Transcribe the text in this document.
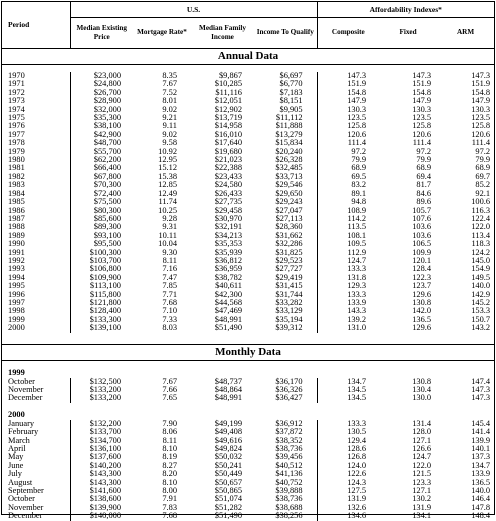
Period	U.S.				Affordability Indexes*		
	Median Existing Price	Mortgage Rate*	Median Family Income	Income To Qualify	Composite	Fixed	ARM
Annual Data							

1970	$23,000	8.35	$9,867	$6,697	147.3	147.3	147.3
1971	$24,800	7.67	$10,285	$6,770	151.9	151.9	151.9
1972	$26,700	7.52	$11,116	$7,183	154.8	154.8	154.8
1973	$28,900	8.01	$12,051	$8,151	147.9	147.9	147.9
1974	$32,000	9.02	$12,902	$9,905	130.3	130.3	130.3
1975	$35,300	9.21	$13,719	$11,112	123.5	123.5	123.5
1976	$38,100	9.11	$14,958	$11,888	125.8	125.8	125.8
1977	$42,900	9.02	$16,010	$13,279	120.6	120.6	120.6
1978	$48,700	9.58	$17,640	$15,834	111.4	111.4	111.4
1979	$55,700	10.92	$19,680	$20,240	97.2	97.2	97.2
1980	$62,200	12.95	$21,023	$26,328	79.9	79.9	79.9
1981	$66,400	15.12	$22,388	$32,485	68.9	68.9	68.9
1982	$67,800	15.38	$23,433	$33,713	69.5	69.4	69.7
1983	$70,300	12.85	$24,580	$29,546	83.2	81.7	85.2
1984	$72,400	12.49	$26,433	$29,650	89.1	84.6	92.1
1985	$75,500	11.74	$27,735	$29,243	94.8	89.6	100.6
1986	$80,300	10.25	$29,458	$27,047	108.9	105.7	116.3
1987	$85,600	9.28	$30,970	$27,113	114.2	107.6	122.4
1988	$89,300	9.31	$32,191	$28,360	113.5	103.6	122.0
1989	$93,100	10.11	$34,213	$31,662	108.1	103.6	113.4
1990	$95,500	10.04	$35,353	$32,286	109.5	106.5	118.3
1991	$100,300	9.30	$35,939	$31,825	112.9	109.9	124.2
1992	$103,700	8.11	$36,812	$29,523	124.7	120.1	145.0
1993	$106,800	7.16	$36,959	$27,727	133.3	128.4	154.9
1994	$109,900	7.47	$38,782	$29,419	131.8	122.3	149.5
1995	$113,100	7.85	$40,611	$31,415	129.3	123.7	140.0
1996	$115,800	7.71	$42,300	$31,744	133.3	129.6	142.9
1997	$121,800	7.68	$44,568	$33,282	133.9	130.8	145.2
1998	$128,400	7.10	$47,469	$33,129	143.3	142.0	153.3
1999	$133,300	7.33	$48,991	$35,194	139.2	136.5	150.7
2000	$139,100	8.03	$51,490	$39,312	131.0	129.6	143.2

Monthly Data							

1999							
October	$132,500	7.67	$48,737	$36,170	134.7	130.8	147.4
November	$133,200	7.66	$48,864	$36,326	134.5	130.4	147.3
December	$133,200	7.65	$48,991	$36,427	134.5	130.0	147.3

2000							
January	$132,200	7.90	$49,199	$36,912	133.3	131.4	145.4
February	$133,700	8.06	$49,408	$37,872	130.5	128.0	141.4
March	$134,700	8.11	$49,616	$38,352	129.4	127.1	139.9
April	$136,100	8.10	$49,824	$38,736	128.6	126.6	140.1
May	$137,600	8.19	$50,032	$39,456	126.8	124.7	137.3
June	$140,200	8.27	$50,241	$40,512	124.0	122.0	134.7
July	$143,300	8.20	$50,449	$41,136	122.6	121.5	133.9
August	$143,300	8.10	$50,657	$40,752	124.3	123.3	136.5
September	$141,600	8.00	$50,865	$39,888	127.5	127.1	140.0
October	$138,600	7.91	$51,074	$38,736	131.9	130.2	146.4
November	$139,900	7.83	$51,282	$38,688	132.6	131.9	147.8
December	$140,000	7.68	$51,490	$38,256	134.6	134.1	148.4
